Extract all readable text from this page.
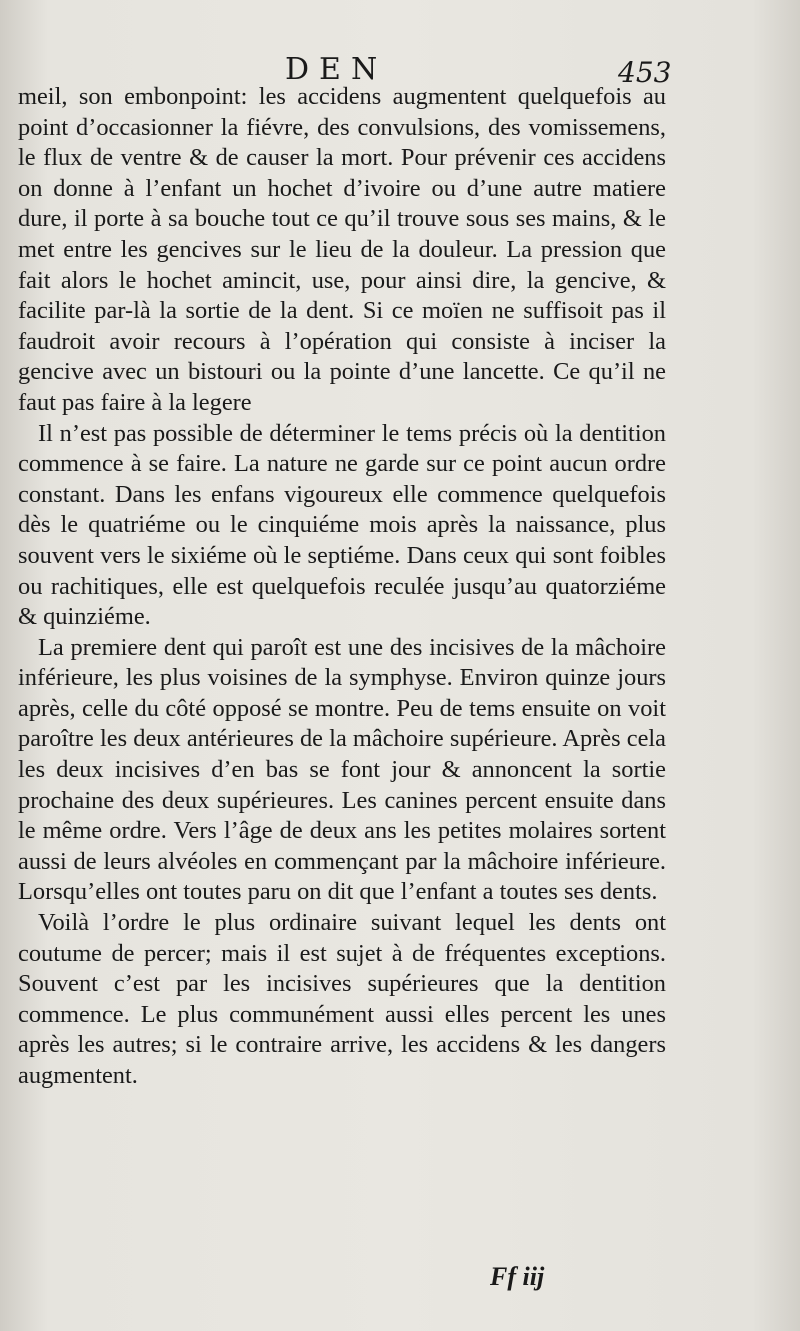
DEN	453

meil, son embonpoint: les accidens augmentent quelquefois au point d’occasionner la fiévre, des convulsions, des vomissemens, le flux de ventre & de causer la mort. Pour prévenir ces accidens on donne à l’enfant un hochet d’ivoire ou d’une autre matiere dure, il porte à sa bouche tout ce qu’il trouve sous ses mains, & le met entre les gencives sur le lieu de la douleur. La pression que fait alors le hochet amincit, use, pour ainsi dire, la gencive, & facilite par-là la sortie de la dent. Si ce moïen ne suffisoit pas il faudroit avoir recours à l’opération qui consiste à inciser la gencive avec un bistouri ou la pointe d’une lancette. Ce qu’il ne faut pas faire à la legere

Il n’est pas possible de déterminer le tems précis où la dentition commence à se faire. La nature ne garde sur ce point aucun ordre constant. Dans les enfans vigoureux elle commence quelquefois dès le quatriéme ou le cinquiéme mois après la naissance, plus souvent vers le sixiéme où le septiéme. Dans ceux qui sont foibles ou rachitiques, elle est quelquefois reculée jusqu’au quatorziéme & quinziéme.

La premiere dent qui paroît est une des incisives de la mâchoire inférieure, les plus voisines de la symphyse. Environ quinze jours après, celle du côté opposé se montre. Peu de tems ensuite on voit paroître les deux antérieures de la mâchoire supérieure. Après cela les deux incisives d’en bas se font jour & annoncent la sortie prochaine des deux supérieures. Les canines percent ensuite dans le même ordre. Vers l’âge de deux ans les petites molaires sortent aussi de leurs alvéoles en commençant par la mâchoire inférieure. Lorsqu’elles ont toutes paru on dit que l’enfant a toutes ses dents.

Voilà l’ordre le plus ordinaire suivant lequel les dents ont coutume de percer; mais il est sujet à de fréquentes exceptions. Souvent c’est par les incisives supérieures que la dentition commence. Le plus communément aussi elles percent les unes après les autres; si le contraire arrive, les accidens & les dangers augmentent.

Ff iij
